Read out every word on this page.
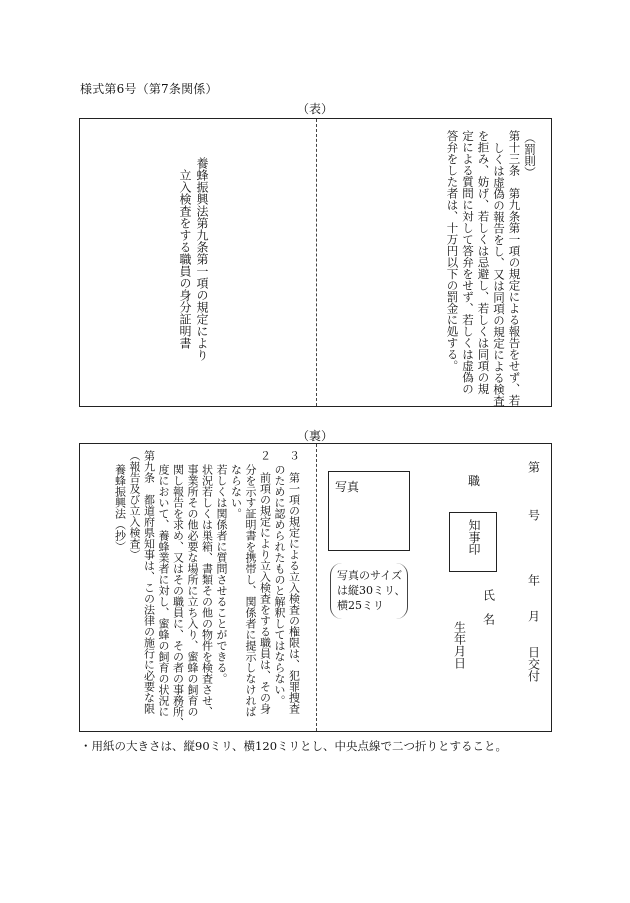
様式第6号（第7条関係）
（表）
養蜂振興法第九条第一項の規定により
立入検査をする職員の身分証明書
（罰則）
第十三条　第九条第一項の規定による報告をせず、若
しくは虚偽の報告をし、又は同項の規定による検査
を拒み、妨げ、若しくは忌避し、若しくは同項の規
定による質問に対して答弁をせず、若しくは虚偽の
答弁をした者は、十万円以下の罰金に処する。
（裏）
３　第一項の規定による立入検査の権限は、犯罪捜査
のために認められたものと解釈してはならない。
２　前項の規定により立入検査をする職員は、その身
分を示す証明書を携帯し、関係者に提示しなければ
ならない。
若しくは関係者に質問させることができる。
状況若しくは巣箱、書類その他の物件を検査させ、
事業所その他必要な場所に立ち入り、蜜蜂の飼育の
関し報告を求め、又はその職員に、その者の事務所、
度において、養蜂業者に対し、蜜蜂の飼育の状況に
第九条　都道府県知事は、この法律の施行に必要な限
（報告及び立入検査）
養蜂振興法（抄）	写真
写真のサイズ
は縦30ミリ、
横25ミリ
職
知事印
氏　名
生年月日
第　　　号
年　　月　　日交付
・用紙の大きさは、縦90ミリ、横120ミリとし、中央点線で二つ折りとすること。
